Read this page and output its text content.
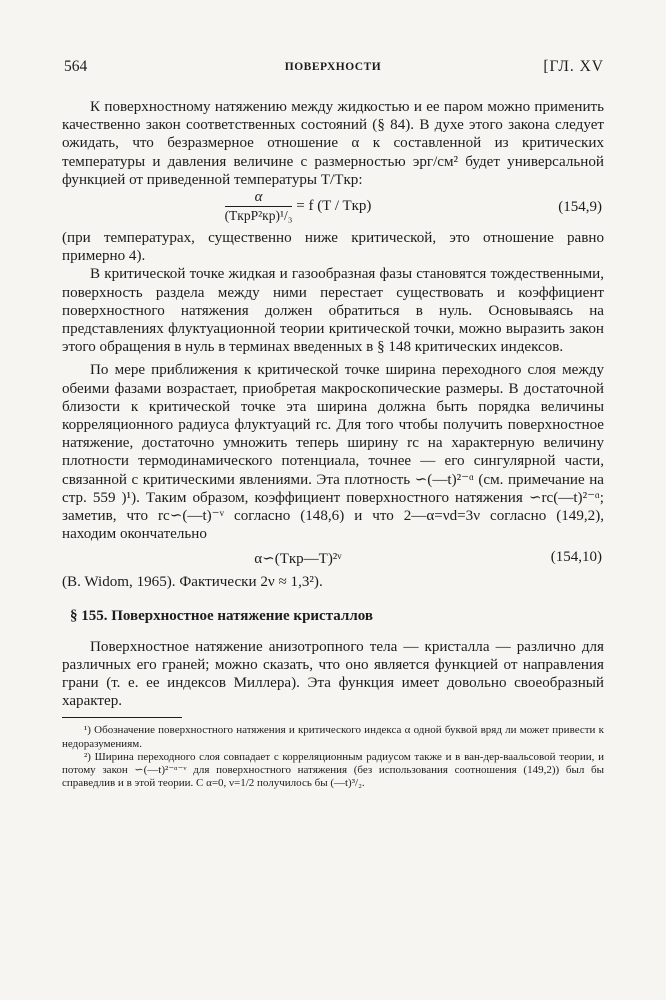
564	ПОВЕРХНОСТИ	[ГЛ. XV

К поверхностному натяжению между жидкостью и ее паром можно применить качественно закон соответственных состояний (§ 84). В духе этого закона следует ожидать, что безразмерное отношение α к составленной из критических температуры и давления величине с размерностью эрг/см² будет универсальной функцией от приведенной температуры T/Tкр:

$\frac{\alpha}{\text{(TкрP²кр)¹/₃}} = f$ (T / Tкр)	(154,9)

(при температурах, существенно ниже критической, это отношение равно примерно 4).

В критической точке жидкая и газообразная фазы становятся тождественными, поверхность раздела между ними перестает существовать и коэффициент поверхностного натяжения должен обратиться в нуль. Основываясь на представлениях флуктуационной теории критической точки, можно выразить закон этого обращения в нуль в терминах введенных в § 148 критических индексов.

По мере приближения к критической точке ширина переходного слоя между обеими фазами возрастает, приобретая макроскопические размеры. В достаточной близости к критической точке эта ширина должна быть порядка величины корреляционного радиуса флуктуаций rc. Для того чтобы получить поверхностное натяжение, достаточно умножить теперь ширину rc на характерную величину плотности термодинамического потенциала, точнее — его сингулярной части, связанной с критическими явлениями. Эта плотность ∽(—t)²⁻ᵅ (см. примечание на стр. 559 )¹). Таким образом, коэффициент поверхностного натяжения ∽rc(—t)²⁻ᵅ; заметив, что rc∽(—t)⁻ᵛ согласно (148,6) и что 2—α=νd=3ν согласно (149,2), находим окончательно

α∽(Tкр—T)²ᵛ	(154,10)

(B. Widom, 1965). Фактически 2ν ≈ 1,3²).

§ 155. Поверхностное натяжение кристаллов

Поверхностное натяжение анизотропного тела — кристалла — различно для различных его граней; можно сказать, что оно является функцией от направления грани (т. е. ее индексов Миллера). Эта функция имеет довольно своеобразный характер.

¹) Обозначение поверхностного натяжения и критического индекса α одной буквой вряд ли может привести к недоразумениям.

²) Ширина переходного слоя совпадает с корреляционным радиусом также и в ван-дер-ваальсовой теории, и потому закон ∽(—t)²⁻ᵅ⁻ᵛ для поверхностного натяжения (без использования соотношения (149,2)) был бы справедлив и в этой теории. С α=0, ν=1/2 получилось бы (—t)³/₂.
